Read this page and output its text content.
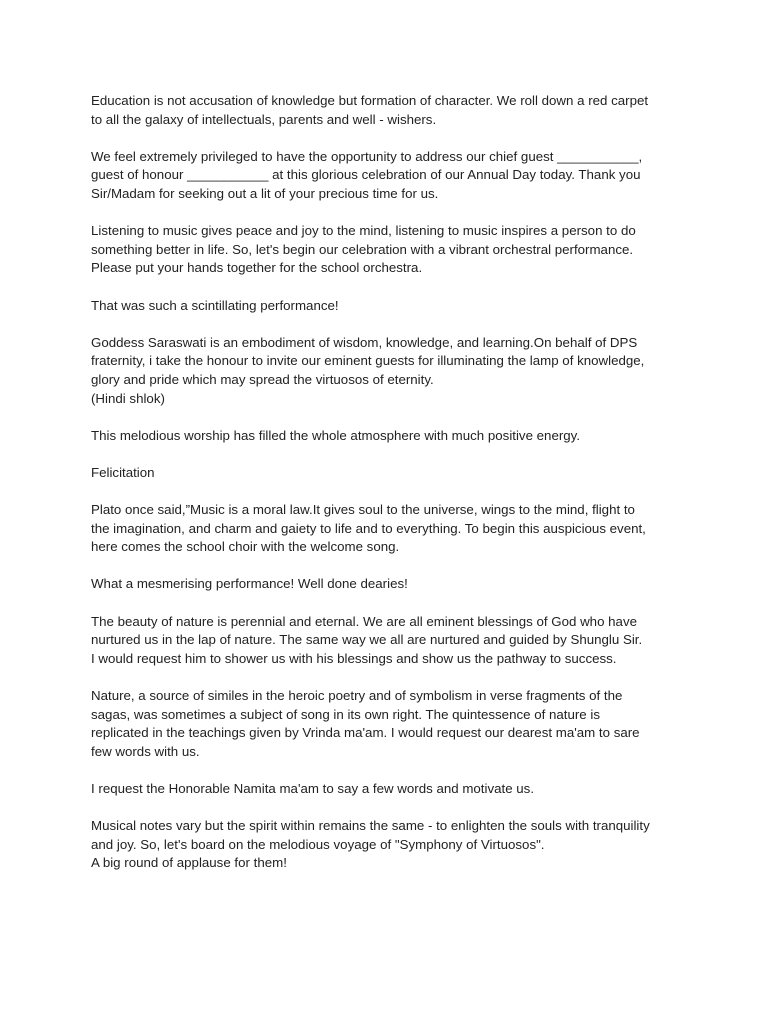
Education is not accusation of knowledge but formation of character. We roll down a red carpet
to all the galaxy of intellectuals, parents and well - wishers.

We feel extremely privileged to have the opportunity to address our chief guest ___________,
guest of honour ___________ at this glorious celebration of our Annual Day today. Thank you
Sir/Madam for seeking out a lit of your precious time for us.

Listening to music gives peace and joy to the mind, listening to music inspires a person to do
something better in life. So, let's begin our celebration with a vibrant orchestral performance.
Please put your hands together for the school orchestra.

That was such a scintillating performance!

Goddess Saraswati is an embodiment of wisdom, knowledge, and learning.On behalf of DPS
fraternity, i take the honour to invite our eminent guests for illuminating the lamp of knowledge,
glory and pride which may spread the virtuosos of eternity.
(Hindi shlok)

This melodious worship has filled the whole atmosphere with much positive energy.

Felicitation

Plato once said,”Music is a moral law.It gives soul to the universe, wings to the mind, flight to
the imagination, and charm and gaiety to life and to everything. To begin this auspicious event,
here comes the school choir with the welcome song.

What a mesmerising performance! Well done dearies!

The beauty of nature is perennial and eternal. We are all eminent blessings of God who have
nurtured us in the lap of nature. The same way we all are nurtured and guided by Shunglu Sir.
I would request him to shower us with his blessings and show us the pathway to success.

Nature, a source of similes in the heroic poetry and of symbolism in verse fragments of the
sagas, was sometimes a subject of song in its own right. The quintessence of nature is
replicated in the teachings given by Vrinda ma'am. I would request our dearest ma'am to sare
few words with us.

I request the Honorable Namita ma'am to say a few words and motivate us.

Musical notes vary but the spirit within remains the same - to enlighten the souls with tranquility
and joy. So, let's board on the melodious voyage of "Symphony of Virtuosos".
A big round of applause for them!
